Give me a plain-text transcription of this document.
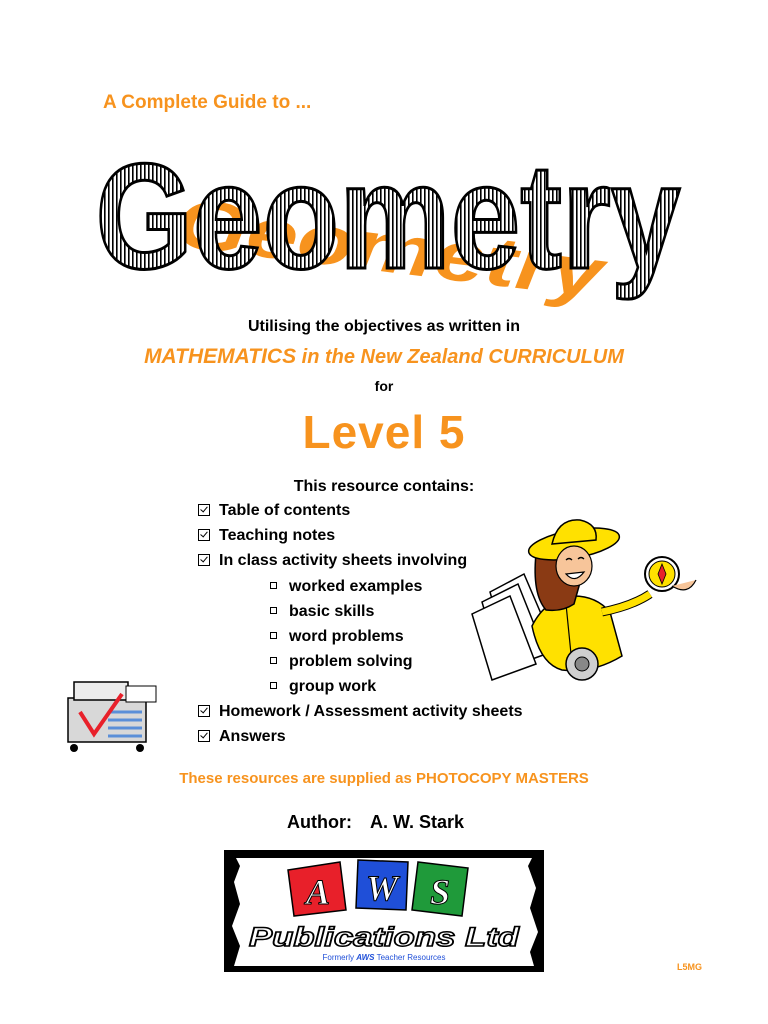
A Complete Guide to ...
Geometry
Geometry
Utilising the objectives as written in
MATHEMATICS in the New Zealand CURRICULUM
for
Level 5
This resource contains:
Table of contents
Teaching notes
In class activity sheets involving
worked examples
basic skills
word problems
problem solving
group work
Homework / Assessment activity sheets
Answers
These resources are supplied as PHOTOCOPY MASTERS
Author: A. W. Stark
A W S
Publications Ltd
Formerly AWS Teacher Resources
L5MG
